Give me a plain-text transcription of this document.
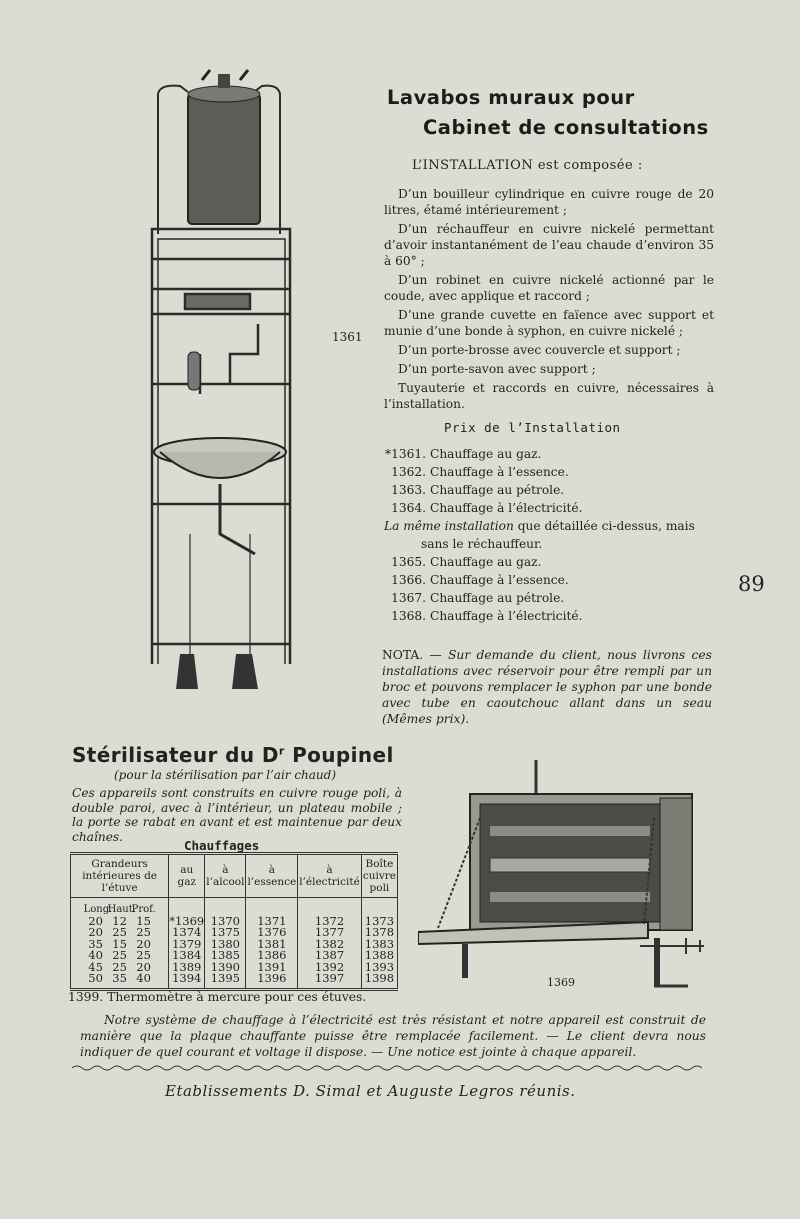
Lavabos muraux pour
Cabinet de consultations
L’INSTALLATION est composée :

D’un bouilleur cylindrique en cuivre rouge de 20 litres, étamé intérieurement ;

D’un réchauffeur en cuivre nickelé permettant d’avoir instantanément de l’eau chaude d’environ 35 à 60° ;

D’un robinet en cuivre nickelé actionné par le coude, avec applique et raccord ;

D’une grande cuvette en faïence avec support et munie d’une bonde à syphon, en cuivre nickelé ;

D’un porte-brosse avec couvercle et support ;

D’un porte-savon avec support ;

Tuyauterie et raccords en cuivre, nécessaires à l’installation.

1361
Prix de l’Installation
*1361. Chauffage au gaz.
1362. Chauffage à l’essence.
1363. Chauffage au pétrole.
1364. Chauffage à l’électricité.
La même installation que détaillée ci-dessus, mais
sans le réchauffeur.
1365. Chauffage au gaz.
1366. Chauffage à l’essence.
1367. Chauffage au pétrole.
1368. Chauffage à l’électricité.
89
NOTA. — Sur demande du client, nous livrons ces installations avec réservoir pour être rempli par un broc et pouvons remplacer le syphon par une bonde avec tube en caoutchouc allant dans un seau (Mêmes prix).
Stérilisateur du $D^r$ Poupinel
(pour la stérilisation par l’air chaud)
Ces appareils sont construits en cuivre rouge poli, à double paroi, avec à l’intérieur, un plateau mobile ; la porte se rabat en avant et est maintenue par deux chaînes.
Chauffages
Grandeurs intérieures de l’étuve	au gaz	à l’alcool	à l’essence	à l’électricité	Boîte cuivre poli
Long.Haut.Prof.					
20 12 15	*1369	1370	1371	1372	1373
20 25 25	1374	1375	1376	1377	1378
35 15 20	1379	1380	1381	1382	1383
40 25 25	1384	1385	1386	1387	1388
45 25 20	1389	1390	1391	1392	1393
50 35 40	1394	1395	1396	1397	1398
1399. Thermomètre à mercure pour ces étuves.
1369
Notre système de chauffage à l’électricité est très résistant et notre appareil est construit de manière que la plaque chauffante puisse être remplacée facilement. — Le client devra nous indiquer de quel courant et voltage il dispose. — Une notice est jointe à chaque appareil.
Etablissements D. Simal et Auguste Legros réunis.
